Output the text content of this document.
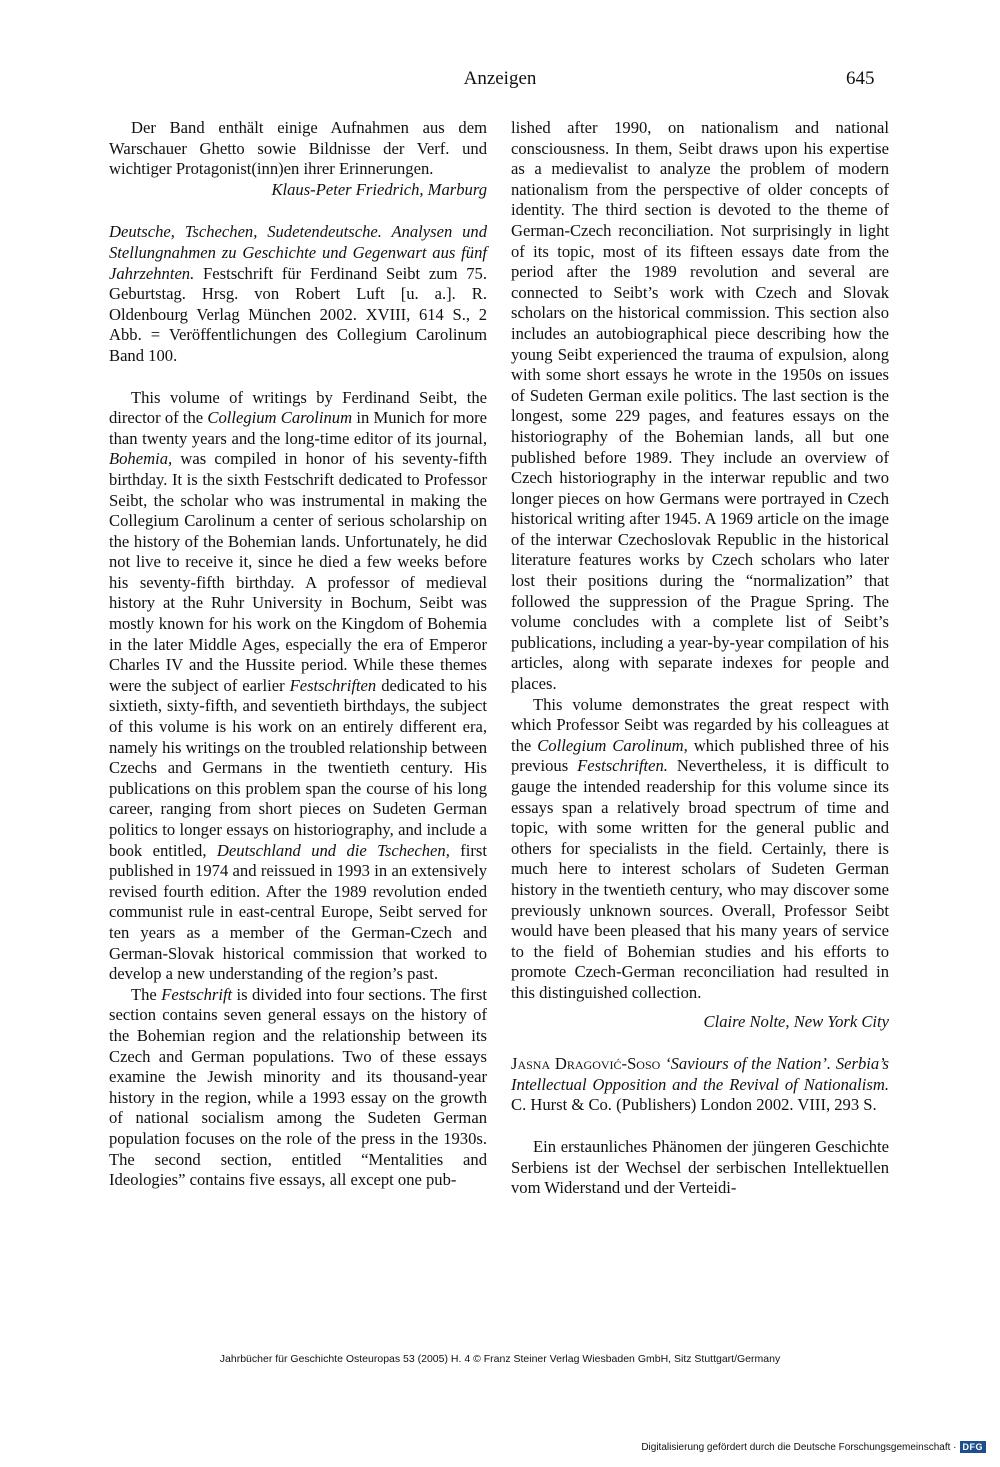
Anzeigen	645

Der Band enthält einige Aufnahmen aus dem Warschauer Ghetto sowie Bildnisse der Verf. und wichtiger Protagonist(inn)en ihrer Erinnerungen.

Klaus-Peter Friedrich, Marburg

Deutsche, Tschechen, Sudetendeutsche. Analysen und Stellungnahmen zu Geschichte und Gegenwart aus fünf Jahrzehnten. Festschrift für Ferdinand Seibt zum 75. Geburtstag. Hrsg. von Robert Luft [u. a.]. R. Oldenbourg Verlag München 2002. XVIII, 614 S., 2 Abb. = Veröffentlichungen des Collegium Carolinum Band 100.

This volume of writings by Ferdinand Seibt, the director of the Collegium Carolinum in Munich for more than twenty years and the long-time editor of its journal, Bohemia, was compiled in honor of his seventy-fifth birthday. It is the sixth Festschrift dedicated to Professor Seibt, the scholar who was instrumental in making the Collegium Carolinum a center of serious scholarship on the history of the Bohemian lands. Unfortunately, he did not live to receive it, since he died a few weeks before his seventy-fifth birthday. A professor of medieval history at the Ruhr University in Bochum, Seibt was mostly known for his work on the Kingdom of Bohemia in the later Middle Ages, especially the era of Emperor Charles IV and the Hussite period. While these themes were the subject of earlier Festschriften dedicated to his sixtieth, sixty-fifth, and seventieth birthdays, the subject of this volume is his work on an entirely different era, namely his writings on the troubled relationship between Czechs and Germans in the twentieth century. His publications on this problem span the course of his long career, ranging from short pieces on Sudeten German politics to longer essays on historiography, and include a book entitled, Deutschland und die Tschechen, first published in 1974 and reissued in 1993 in an extensively revised fourth edition. After the 1989 revolution ended communist rule in east-central Europe, Seibt served for ten years as a member of the German-Czech and German-Slovak historical commission that worked to develop a new understanding of the region’s past.

The Festschrift is divided into four sections. The first section contains seven general essays on the history of the Bohemian region and the relationship between its Czech and German populations. Two of these essays examine the Jewish minority and its thousand-year history in the region, while a 1993 essay on the growth of national socialism among the Sudeten German population focuses on the role of the press in the 1930s. The second section, entitled “Mentalities and Ideologies” contains five essays, all except one pub-

lished after 1990, on nationalism and national consciousness. In them, Seibt draws upon his expertise as a medievalist to analyze the problem of modern nationalism from the perspective of older concepts of identity. The third section is devoted to the theme of German-Czech reconciliation. Not surprisingly in light of its topic, most of its fifteen essays date from the period after the 1989 revolution and several are connected to Seibt’s work with Czech and Slovak scholars on the historical commission. This section also includes an autobiographical piece describing how the young Seibt experienced the trauma of expulsion, along with some short essays he wrote in the 1950s on issues of Sudeten German exile politics. The last section is the longest, some 229 pages, and features essays on the historiography of the Bohemian lands, all but one published before 1989. They include an overview of Czech historiography in the interwar republic and two longer pieces on how Germans were portrayed in Czech historical writing after 1945. A 1969 article on the image of the interwar Czechoslovak Republic in the historical literature features works by Czech scholars who later lost their positions during the “normalization” that followed the suppression of the Prague Spring. The volume concludes with a complete list of Seibt’s publications, including a year-by-year compilation of his articles, along with separate indexes for people and places.

This volume demonstrates the great respect with which Professor Seibt was regarded by his colleagues at the Collegium Carolinum, which published three of his previous Festschriften. Nevertheless, it is difficult to gauge the intended readership for this volume since its essays span a relatively broad spectrum of time and topic, with some written for the general public and others for specialists in the field. Certainly, there is much here to interest scholars of Sudeten German history in the twentieth century, who may discover some previously unknown sources. Overall, Professor Seibt would have been pleased that his many years of service to the field of Bohemian studies and his efforts to promote Czech-German reconciliation had resulted in this distinguished collection.

Claire Nolte, New York City

Jasna Dragović-Soso ‘Saviours of the Nation’. Serbia’s Intellectual Opposition and the Revival of Nationalism. C. Hurst & Co. (Publishers) London 2002. VIII, 293 S.

Ein erstaunliches Phänomen der jüngeren Geschichte Serbiens ist der Wechsel der serbischen Intellektuellen vom Widerstand und der Verteidi-

Jahrbücher für Geschichte Osteuropas 53 (2005) H. 4 © Franz Steiner Verlag Wiesbaden GmbH, Sitz Stuttgart/Germany
Digitalisierung gefördert durch die Deutsche Forschungsgemeinschaft · DFG
